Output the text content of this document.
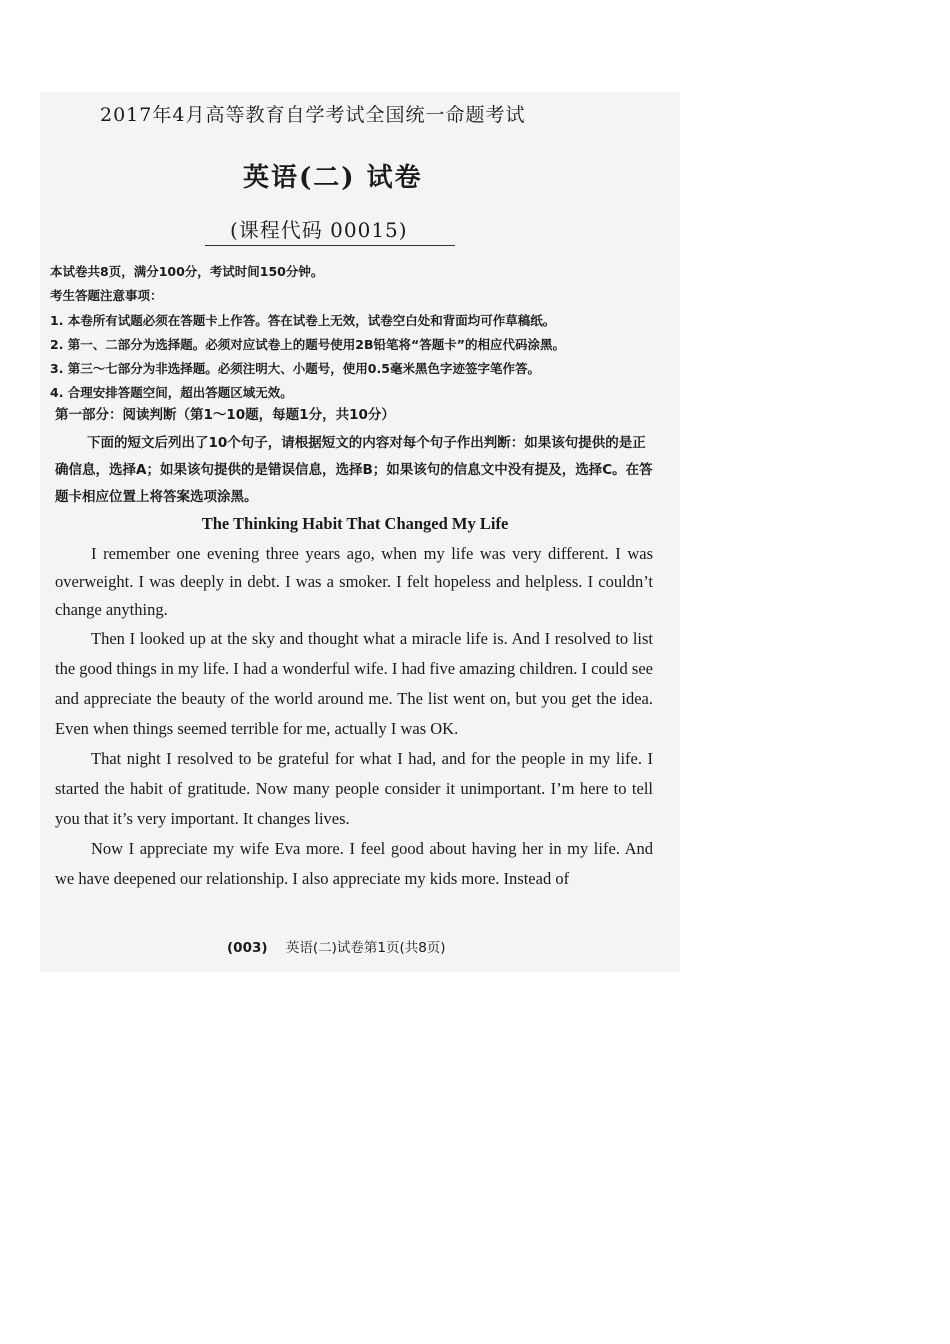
2017年4月高等教育自学考试全国统一命题考试
英语(二) 试卷
(课程代码 00015)
本试卷共8页，满分100分，考试时间150分钟。
考生答题注意事项：
1. 本卷所有试题必须在答题卡上作答。答在试卷上无效，试卷空白处和背面均可作草稿纸。
2. 第一、二部分为选择题。必须对应试卷上的题号使用2B铅笔将“答题卡”的相应代码涂黑。
3. 第三～七部分为非选择题。必须注明大、小题号，使用0.5毫米黑色字迹签字笔作答。
4. 合理安排答题空间，超出答题区域无效。
第一部分：阅读判断（第1～10题，每题1分，共10分）
下面的短文后列出了10个句子，请根据短文的内容对每个句子作出判断：如果该句提供的是正确信息，选择A；如果该句提供的是错误信息，选择B；如果该句的信息文中没有提及，选择C。在答题卡相应位置上将答案选项涂黑。
The Thinking Habit That Changed My Life

I remember one evening three years ago, when my life was very different. I was overweight. I was deeply in debt. I was a smoker. I felt hopeless and helpless. I couldn’t change anything.

Then I looked up at the sky and thought what a miracle life is. And I resolved to list the good things in my life. I had a wonderful wife. I had five amazing children. I could see and appreciate the beauty of the world around me. The list went on, but you get the idea. Even when things seemed terrible for me, actually I was OK.

That night I resolved to be grateful for what I had, and for the people in my life. I started the habit of gratitude. Now many people consider it unimportant. I’m here to tell you that it’s very important. It changes lives.

Now I appreciate my wife Eva more. I feel good about having her in my life. And we have deepened our relationship. I also appreciate my kids more. Instead of

(003) 英语(二)试卷第1页(共8页)
